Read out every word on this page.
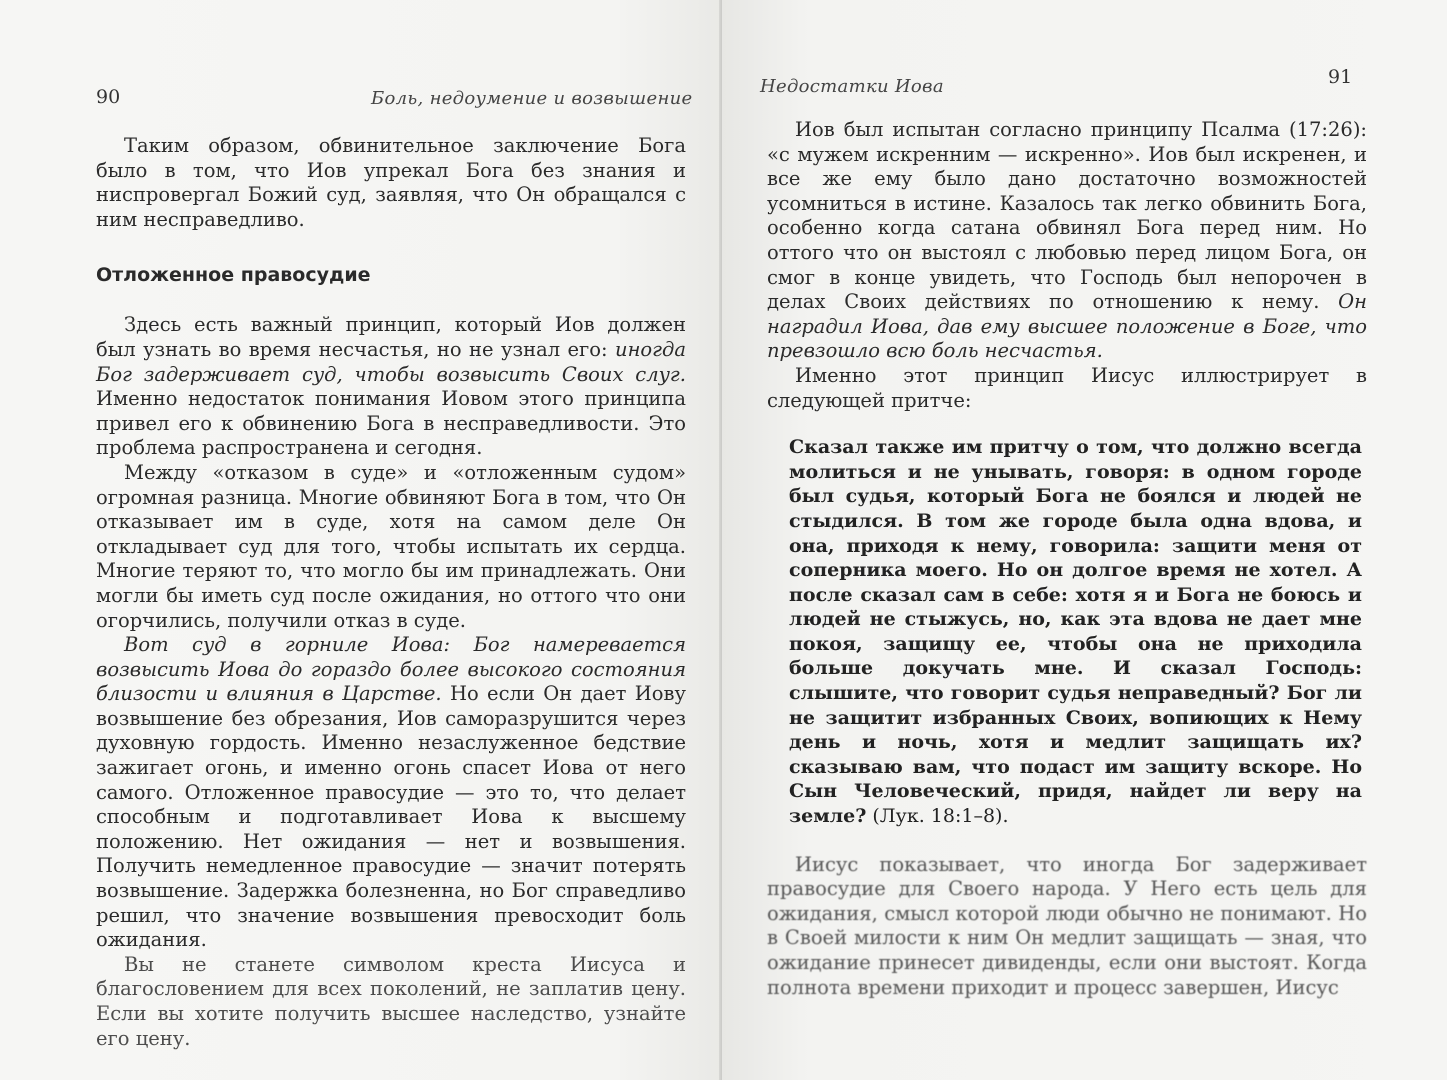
90	Боль, недоумение и возвышение

Таким образом, обвинительное заключение Бога было в том, что Иов упрекал Бога без знания и ниспровергал Божий суд, заявляя, что Он обращался с ним несправедливо.

Отложенное правосудие

Здесь есть важный принцип, который Иов должен был узнать во время несчастья, но не узнал его: иногда Бог задерживает суд, чтобы возвысить Своих слуг. Именно недостаток понимания Иовом этого принципа привел его к обвинению Бога в несправедливости. Это проблема распространена и сегодня.

Между «отказом в суде» и «отложенным судом» огромная разница. Многие обвиняют Бога в том, что Он отказывает им в суде, хотя на самом деле Он откладывает суд для того, чтобы испытать их сердца. Многие теряют то, что могло бы им принадлежать. Они могли бы иметь суд после ожидания, но оттого что они огорчились, получили отказ в суде.

Вот суд в горниле Иова: Бог намеревается возвысить Иова до гораздо более высокого состояния близости и влияния в Царстве. Но если Он дает Иову возвышение без обрезания, Иов саморазрушится через духовную гордость. Именно незаслуженное бедствие зажигает огонь, и именно огонь спасет Иова от него самого. Отложенное правосудие — это то, что делает способным и подготавливает Иова к высшему положению. Нет ожидания — нет и возвышения. Получить немедленное правосудие — значит потерять возвышение. Задержка болезненна, но Бог справедливо решил, что значение возвышения превосходит боль ожидания.

Вы не станете символом креста Иисуса и благословением для всех поколений, не заплатив цену. Если вы хотите получить высшее наследство, узнайте его цену.

Недостатки Иова	91

Иов был испытан согласно принципу Псалма (17:26): «с мужем искренним — искренно». Иов был искренен, и все же ему было дано достаточно возможностей усомниться в истине. Казалось так легко обвинить Бога, особенно когда сатана обвинял Бога перед ним. Но оттого что он выстоял с любовью перед лицом Бога, он смог в конце увидеть, что Господь был непорочен в делах Своих действиях по отношению к нему. Он наградил Иова, дав ему высшее положение в Боге, что превзошло всю боль несчастья.

Именно этот принцип Иисус иллюстрирует в следующей притче:

Сказал также им притчу о том, что должно всегда молиться и не унывать, говоря: в одном городе был судья, который Бога не боялся и людей не стыдился. В том же городе была одна вдова, и она, приходя к нему, говорила: защити меня от соперника моего. Но он долгое время не хотел. А после сказал сам в себе: хотя я и Бога не боюсь и людей не стыжусь, но, как эта вдова не дает мне покоя, защищу ее, чтобы она не приходила больше докучать мне. И сказал Господь: слышите, что говорит судья неправедный? Бог ли не защитит избранных Своих, вопиющих к Нему день и ночь, хотя и медлит защищать их? сказываю вам, что подаст им защиту вскоре. Но Сын Человеческий, придя, найдет ли веру на земле? (Лук. 18:1–8).

Иисус показывает, что иногда Бог задерживает правосудие для Своего народа. У Него есть цель для ожидания, смысл которой люди обычно не понимают. Но в Своей милости к ним Он медлит защищать — зная, что ожидание принесет дивиденды, если они выстоят. Когда полнота времени приходит и процесс завершен, Иисус
